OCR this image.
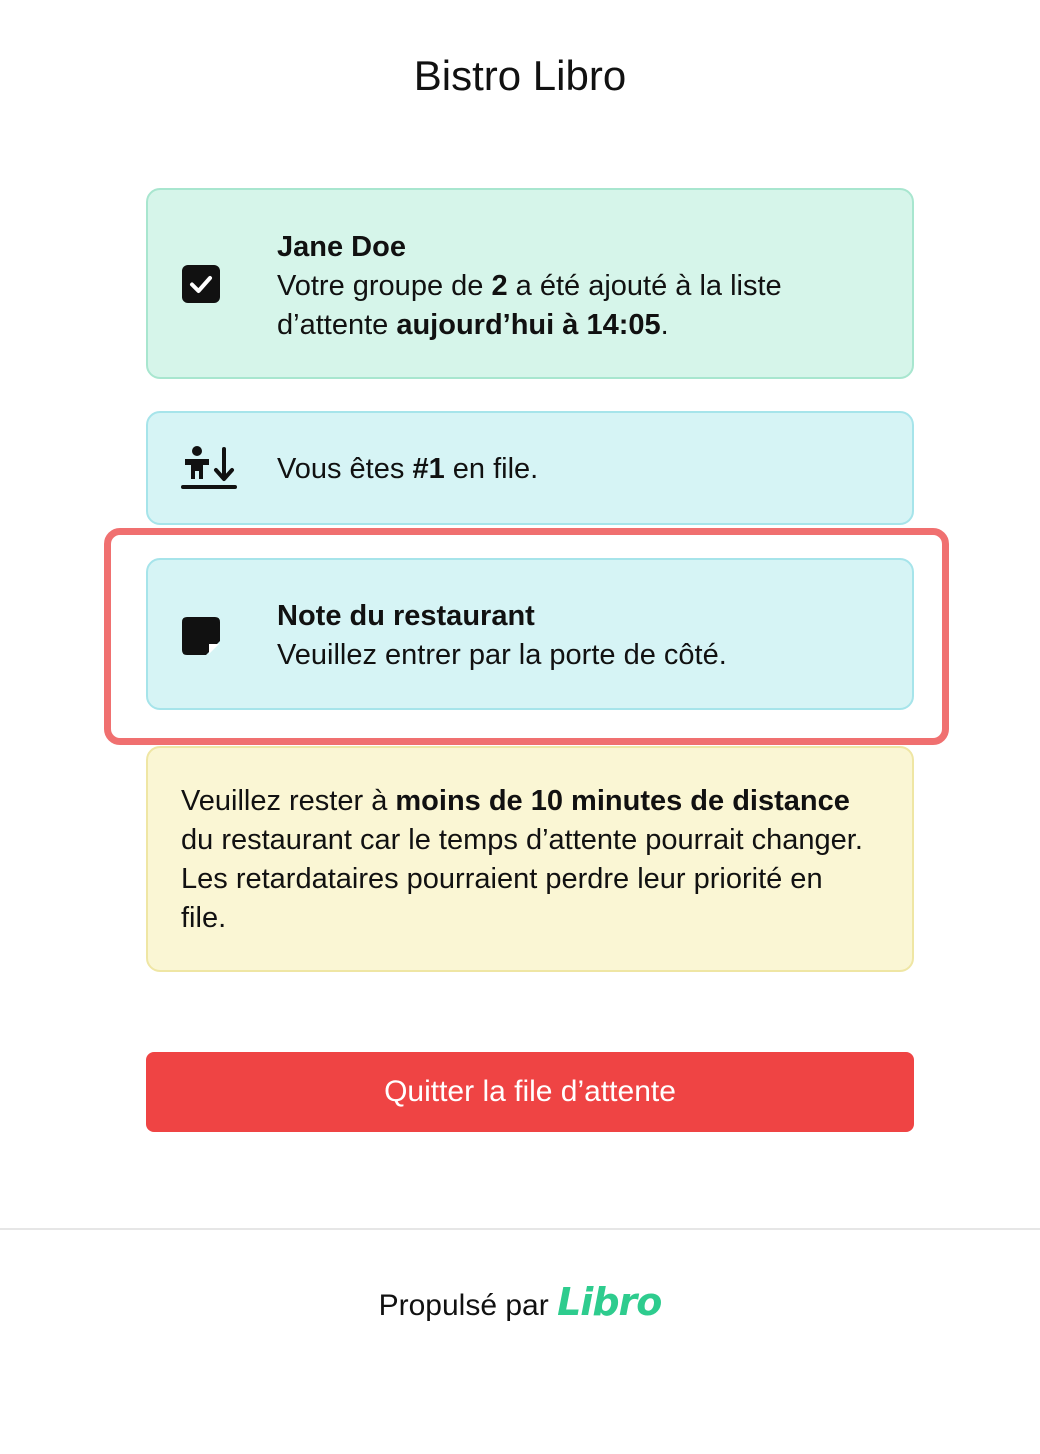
Bistro Libro
Jane Doe
Votre groupe de 2 a été ajouté à la liste d’attente aujourd’hui à 14:05.
Vous êtes #1 en file.
Note du restaurant
Veuillez entrer par la porte de côté.
Veuillez rester à moins de 10 minutes de distance du restaurant car le temps d’attente pourrait changer. Les retardataires pourraient perdre leur priorité en file.
Quitter la file d’attente
Propulsé par Libro
